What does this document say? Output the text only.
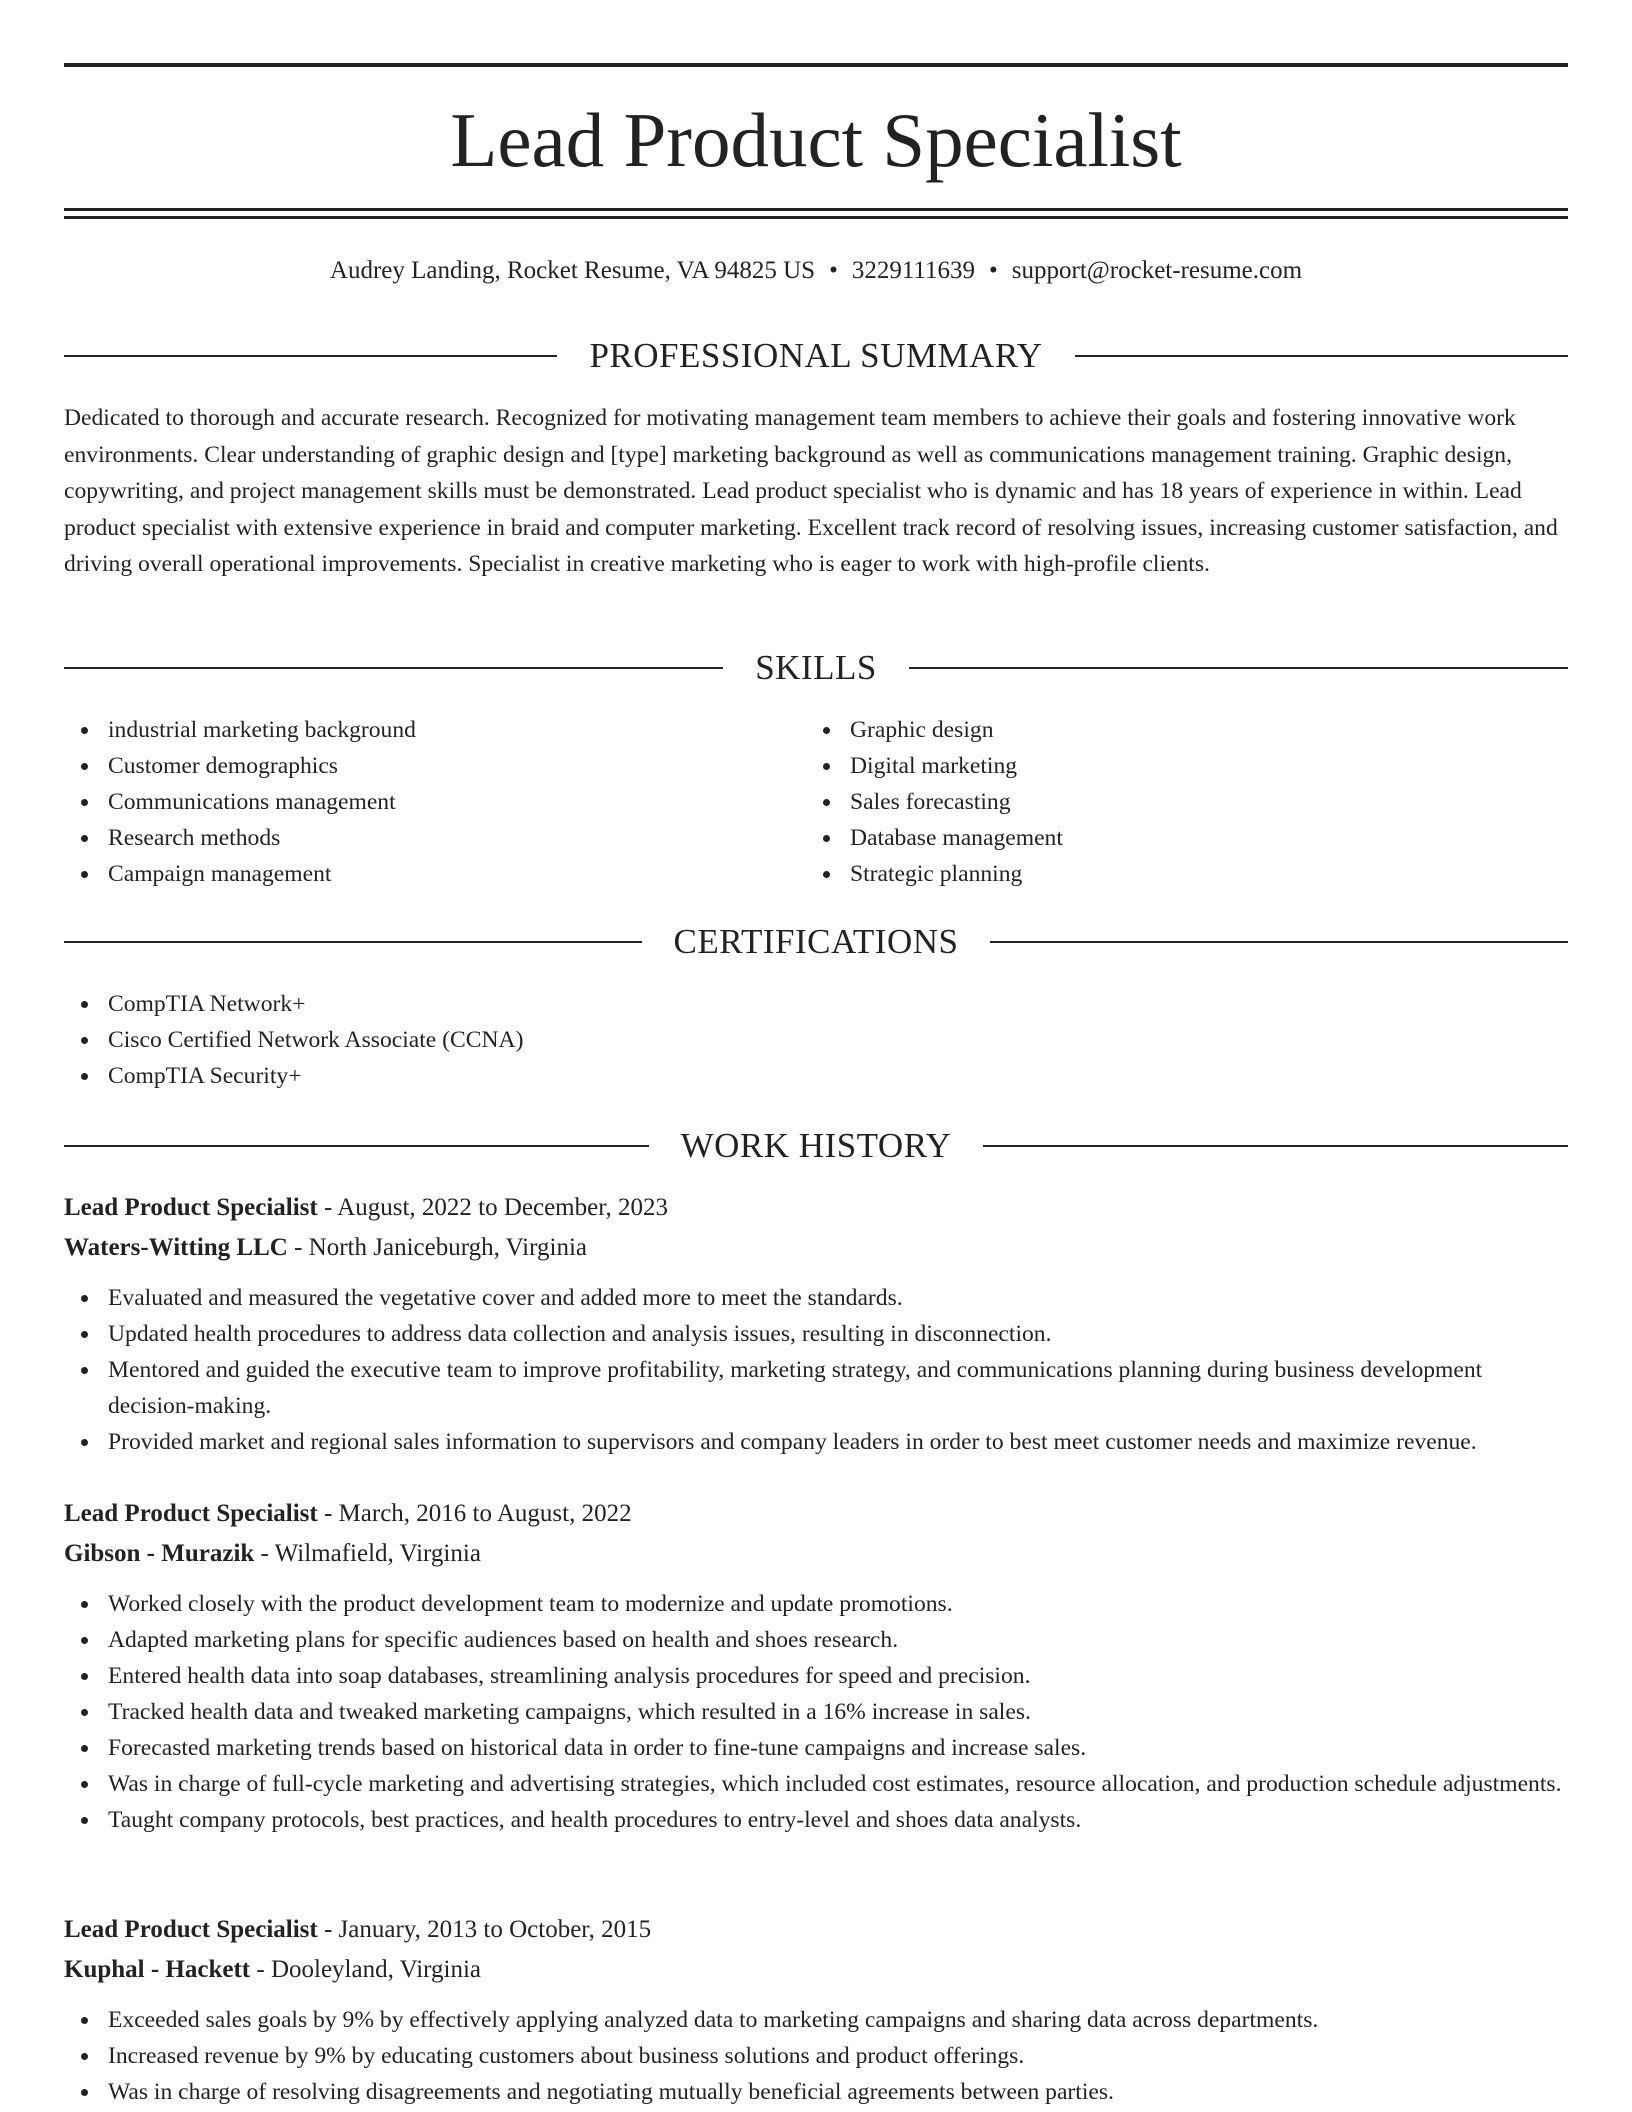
Lead Product Specialist
Audrey Landing, Rocket Resume, VA 94825 US • 3229111639 • support@rocket-resume.com
PROFESSIONAL SUMMARY

Dedicated to thorough and accurate research. Recognized for motivating management team members to achieve their goals and fostering innovative work environments. Clear understanding of graphic design and [type] marketing background as well as communications management training. Graphic design, copywriting, and project management skills must be demonstrated. Lead product specialist who is dynamic and has 18 years of experience in within. Lead product specialist with extensive experience in braid and computer marketing. Excellent track record of resolving issues, increasing customer satisfaction, and driving overall operational improvements. Specialist in creative marketing who is eager to work with high-profile clients.

SKILLS
industrial marketing background
Customer demographics
Communications management
Research methods
Campaign management
Graphic design
Digital marketing
Sales forecasting
Database management
Strategic planning
CERTIFICATIONS
CompTIA Network+
Cisco Certified Network Associate (CCNA)
CompTIA Security+
WORK HISTORY
Lead Product Specialist - August, 2022 to December, 2023
Waters-Witting LLC - North Janiceburgh, Virginia
Evaluated and measured the vegetative cover and added more to meet the standards.
Updated health procedures to address data collection and analysis issues, resulting in disconnection.
Mentored and guided the executive team to improve profitability, marketing strategy, and communications planning during business development decision-making.
Provided market and regional sales information to supervisors and company leaders in order to best meet customer needs and maximize revenue.
Lead Product Specialist - March, 2016 to August, 2022
Gibson - Murazik - Wilmafield, Virginia
Worked closely with the product development team to modernize and update promotions.
Adapted marketing plans for specific audiences based on health and shoes research.
Entered health data into soap databases, streamlining analysis procedures for speed and precision.
Tracked health data and tweaked marketing campaigns, which resulted in a 16% increase in sales.
Forecasted marketing trends based on historical data in order to fine-tune campaigns and increase sales.
Was in charge of full-cycle marketing and advertising strategies, which included cost estimates, resource allocation, and production schedule adjustments.
Taught company protocols, best practices, and health procedures to entry-level and shoes data analysts.
Lead Product Specialist - January, 2013 to October, 2015
Kuphal - Hackett - Dooleyland, Virginia
Exceeded sales goals by 9% by effectively applying analyzed data to marketing campaigns and sharing data across departments.
Increased revenue by 9% by educating customers about business solutions and product offerings.
Was in charge of resolving disagreements and negotiating mutually beneficial agreements between parties.
